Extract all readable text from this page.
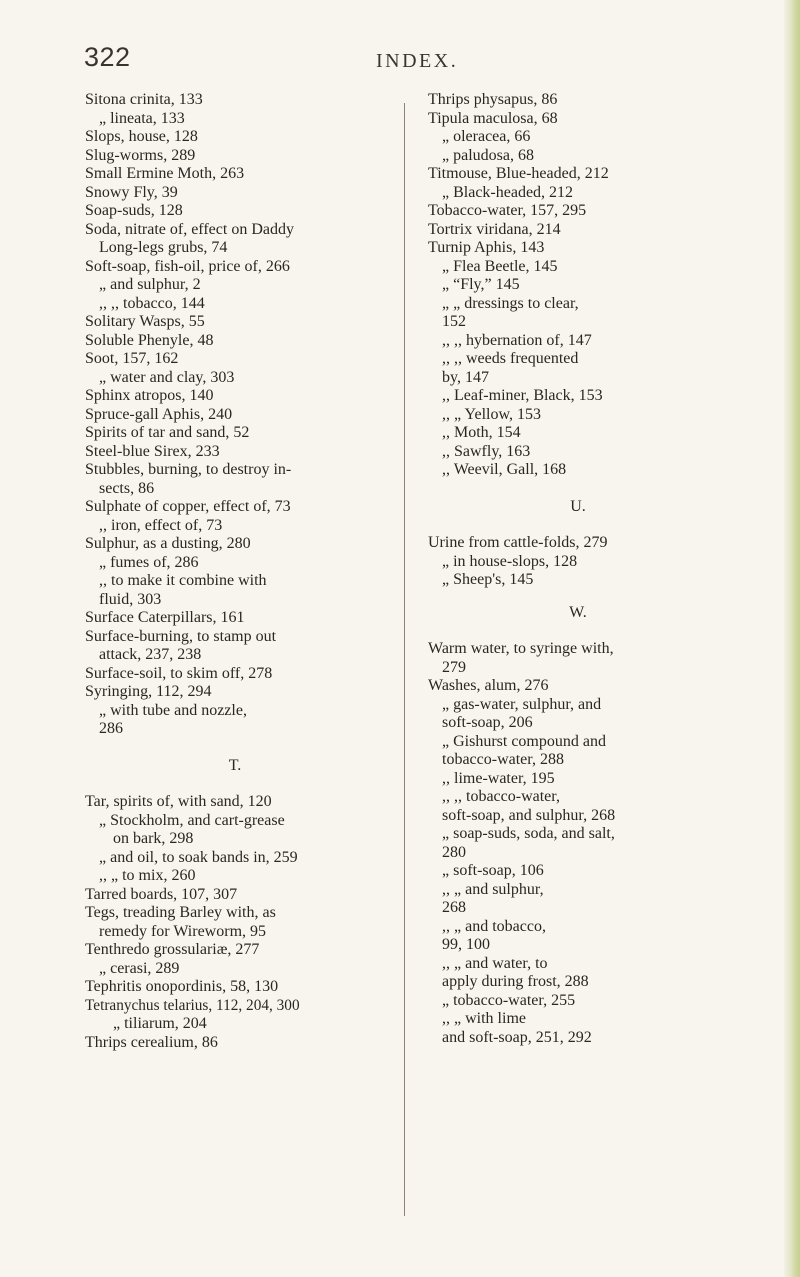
322	INDEX.
Sitona crinita, 133
„ lineata, 133
Slops, house, 128
Slug-worms, 289
Small Ermine Moth, 263
Snowy Fly, 39
Soap-suds, 128
Soda, nitrate of, effect on Daddy
Long-legs grubs, 74
Soft-soap, fish-oil, price of, 266
„ and sulphur, 2
,, ,, tobacco, 144
Solitary Wasps, 55
Soluble Phenyle, 48
Soot, 157, 162
„ water and clay, 303
Sphinx atropos, 140
Spruce-gall Aphis, 240
Spirits of tar and sand, 52
Steel-blue Sirex, 233
Stubbles, burning, to destroy in-
sects, 86
Sulphate of copper, effect of, 73
,, iron, effect of, 73
Sulphur, as a dusting, 280
„ fumes of, 286
,, to make it combine with
fluid, 303
Surface Caterpillars, 161
Surface-burning, to stamp out
attack, 237, 238
Surface-soil, to skim off, 278
Syringing, 112, 294
„ with tube and nozzle,
286
T.
Tar, spirits of, with sand, 120
„ Stockholm, and cart-grease
on bark, 298
„ and oil, to soak bands in, 259
,, „ to mix, 260
Tarred boards, 107, 307
Tegs, treading Barley with, as
remedy for Wireworm, 95
Tenthredo grossulariæ, 277
„ cerasi, 289
Tephritis onopordinis, 58, 130
Tetranychus telarius, 112, 204, 300
„ tiliarum, 204
Thrips cerealium, 86
Thrips physapus, 86
Tipula maculosa, 68
„ oleracea, 66
„ paludosa, 68
Titmouse, Blue-headed, 212
„ Black-headed, 212
Tobacco-water, 157, 295
Tortrix viridana, 214
Turnip Aphis, 143
„ Flea Beetle, 145
„ “Fly,” 145
„ „ dressings to clear,
152
,, ,, hybernation of, 147
,, ,, weeds frequented
by, 147
,, Leaf-miner, Black, 153
,, „ Yellow, 153
,, Moth, 154
,, Sawfly, 163
,, Weevil, Gall, 168
U.
Urine from cattle-folds, 279
„ in house-slops, 128
„ Sheep's, 145
W.
Warm water, to syringe with,
279
Washes, alum, 276
„ gas-water, sulphur, and
soft-soap, 206
„ Gishurst compound and
tobacco-water, 288
,, lime-water, 195
,, ,, tobacco-water,
soft-soap, and sulphur, 268
„ soap-suds, soda, and salt,
280
„ soft-soap, 106
,, „ and sulphur,
268
,, „ and tobacco,
99, 100
,, „ and water, to
apply during frost, 288
„ tobacco-water, 255
,, „ with lime
and soft-soap, 251, 292
